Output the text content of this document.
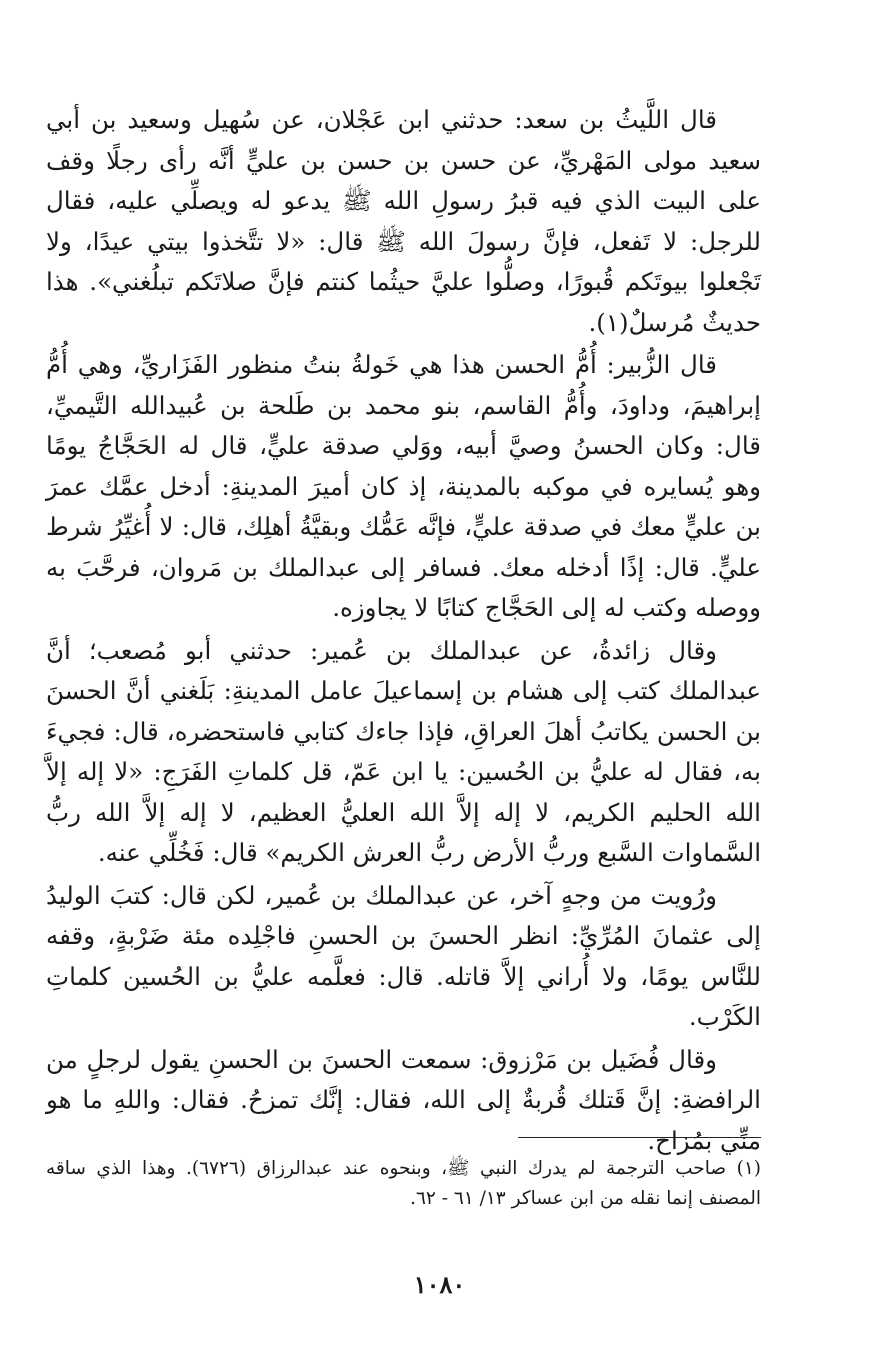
قال اللَّيثُ بن سعد: حدثني ابن عَجْلان، عن سُهيل وسعيد بن أبي سعيد مولى المَهْريِّ، عن حسن بن حسن بن عليٍّ أنَّه رأى رجلًا وقف على البيت الذي فيه قبرُ رسولِ الله ﷺ يدعو له ويصلِّي عليه، فقال للرجل: لا تَفعل، فإنَّ رسولَ الله ﷺ قال: «لا تتَّخذوا بيتي عيدًا، ولا تَجْعلوا بيوتَكم قُبورًا، وصلُّوا عليَّ حيثُما كنتم فإنَّ صلاتَكم تبلُغني». هذا حديثٌ مُرسلٌ(١).

قال الزُّبير: أُمُّ الحسن هذا هي خَولةُ بنتُ منظور الفَزَاريِّ، وهي أُمُّ إبراهيمَ، وداودَ، وأُمُّ القاسم، بنو محمد بن طَلحة بن عُبيدالله التَّيميِّ، قال: وكان الحسنُ وصيَّ أبيه، ووَلي صدقة عليٍّ، قال له الحَجَّاجُ يومًا وهو يُسايره في موكبه بالمدينة، إذ كان أميرَ المدينةِ: أدخل عمَّك عمرَ بن عليٍّ معك في صدقة عليٍّ، فإنَّه عَمُّك وبقيَّةُ أهلِك، قال: لا أُغيِّرُ شرط عليٍّ. قال: إذًا أدخله معك. فسافر إلى عبدالملك بن مَروان، فرحَّبَ به ووصله وكتب له إلى الحَجَّاج كتابًا لا يجاوزه.

وقال زائدةُ، عن عبدالملك بن عُمير: حدثني أبو مُصعب؛ أنَّ عبدالملك كتب إلى هشام بن إسماعيلَ عامل المدينةِ: بَلَغني أنَّ الحسنَ بن الحسن يكاتبُ أهلَ العراقِ، فإذا جاءك كتابي فاستحضره، قال: فجيءَ به، فقال له عليُّ بن الحُسين: يا ابن عَمّ، قل كلماتِ الفَرَجِ: «لا إله إلاَّ الله الحليم الكريم، لا إله إلاَّ الله العليُّ العظيم، لا إله إلاَّ الله ربُّ السَّماوات السَّبع وربُّ الأرض ربُّ العرش الكريم» قال: فَخُلِّي عنه.

ورُويت من وجهٍ آخر، عن عبدالملك بن عُمير، لكن قال: كتبَ الوليدُ إلى عثمانَ المُرِّيِّ: انظر الحسنَ بن الحسنِ فاجْلِده مئة ضَرْبةٍ، وقفه للنَّاس يومًا، ولا أُراني إلاَّ قاتله. قال: فعلَّمه عليُّ بن الحُسين كلماتِ الكَرْب.

وقال فُضَيل بن مَرْزوق: سمعت الحسنَ بن الحسنِ يقول لرجلٍ من الرافضةِ: إنَّ قَتلك قُربةٌ إلى الله، فقال: إنَّك تمزحُ. فقال: واللهِ ما هو منِّي بمُزاح.

(١) صاحب الترجمة لم يدرك النبي ﷺ، وبنحوه عند عبدالرزاق (٦٧٢٦). وهذا الذي ساقه المصنف إنما نقله من ابن عساكر ١٣/ ٦١ - ٦٢.

١٠٨٠
